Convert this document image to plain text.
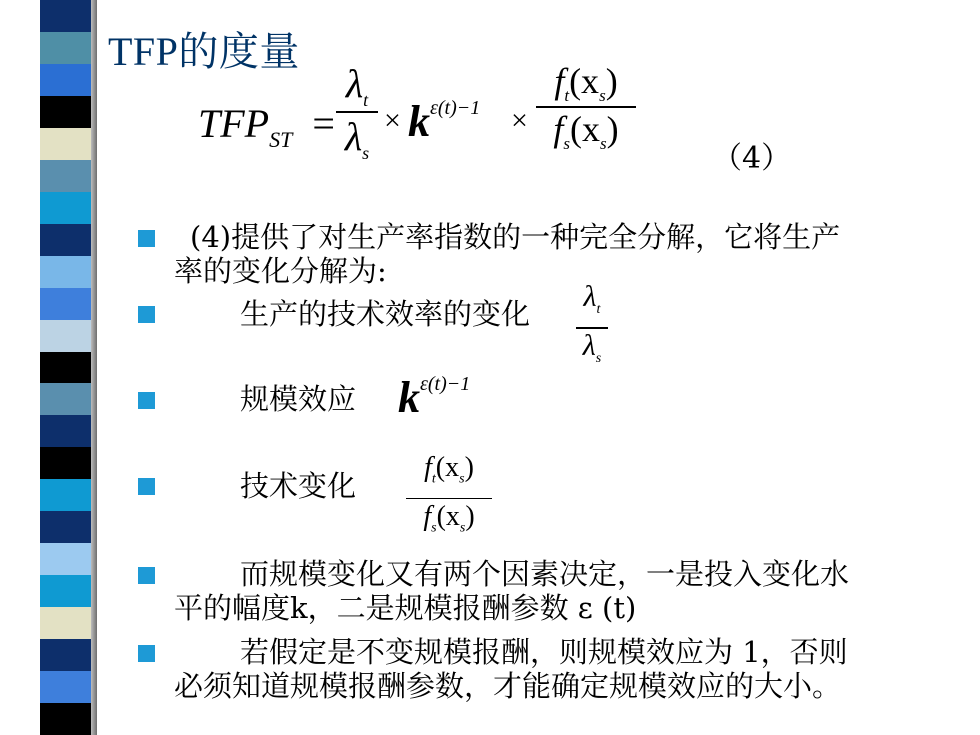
TFP的度量
$TFP_{ST}$ =
$\lambda_t$
$\lambda_s$
× $k^{\varepsilon(t)-1}$ ×
$f_t(x_s)$
$f_s(x_s)$
（4）
(4)提供了对生产率指数的一种完全分解，它将生产
率的变化分解为:
生产的技术效率的变化
$\lambda_t$
$\lambda_s$
规模效应 $k^{\varepsilon(t)-1}$
技术变化
$f_t(x_s)$
$f_s(x_s)$
而规模变化又有两个因素决定，一是投入变化水
平的幅度k，二是规模报酬参数 ε (t)
若假定是不变规模报酬，则规模效应为 1，否则
必须知道规模报酬参数，才能确定规模效应的大小。
